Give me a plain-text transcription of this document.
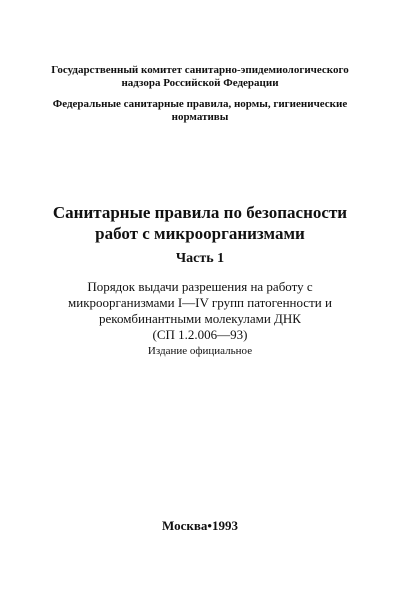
Государственный комитет санитарно-эпидемиологического
надзора Российской Федерации
Федеральные санитарные правила, нормы, гигиенические
нормативы
Санитарные правила по безопасности
работ с микроорганизмами
Часть 1
Порядок выдачи разрешения на работу с
микроорганизмами I—IV групп патогенности и
рекомбинантными молекулами ДНК
(СП 1.2.006—93)
Издание официальное
Москва•1993
